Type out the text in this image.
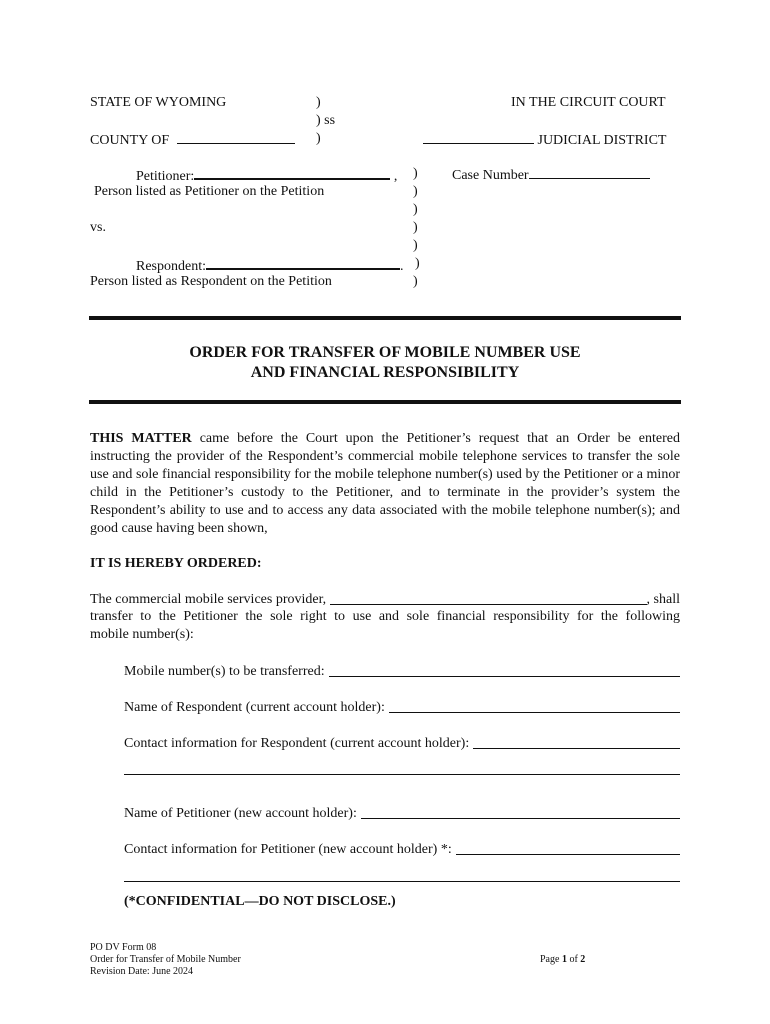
STATE OF WYOMING	)
) ss
)
IN THE CIRCUIT COURT
COUNTY OF	JUDICIAL DISTRICT
Petitioner:	, ) Case Number
Person listed as Petitioner on the Petition	)
)
vs.	)
)
Respondent:	. )
Person listed as Respondent on the Petition	)
ORDER FOR TRANSFER OF MOBILE NUMBER USE
AND FINANCIAL RESPONSIBILITY
THIS MATTER came before the Court upon the Petitioner’s request that an Order be entered instructing the provider of the Respondent’s commercial mobile telephone services to transfer the sole use and sole financial responsibility for the mobile telephone number(s) used by the Petitioner or a minor child in the Petitioner’s custody to the Petitioner, and to terminate in the provider’s system the Respondent’s ability to use and to access any data associated with the mobile telephone number(s); and good cause having been shown,
IT IS HEREBY ORDERED:
The commercial mobile services provider,	, shall
transfer to the Petitioner the sole right to use and sole financial responsibility for the following
mobile number(s):
Mobile number(s) to be transferred:
Name of Respondent (current account holder):
Contact information for Respondent (current account holder):
Name of Petitioner (new account holder):
Contact information for Petitioner (new account holder) *:
(*CONFIDENTIAL—DO NOT DISCLOSE.)
PO DV Form 08
Order for Transfer of Mobile Number
Revision Date: June 2024
Page 1 of 2
